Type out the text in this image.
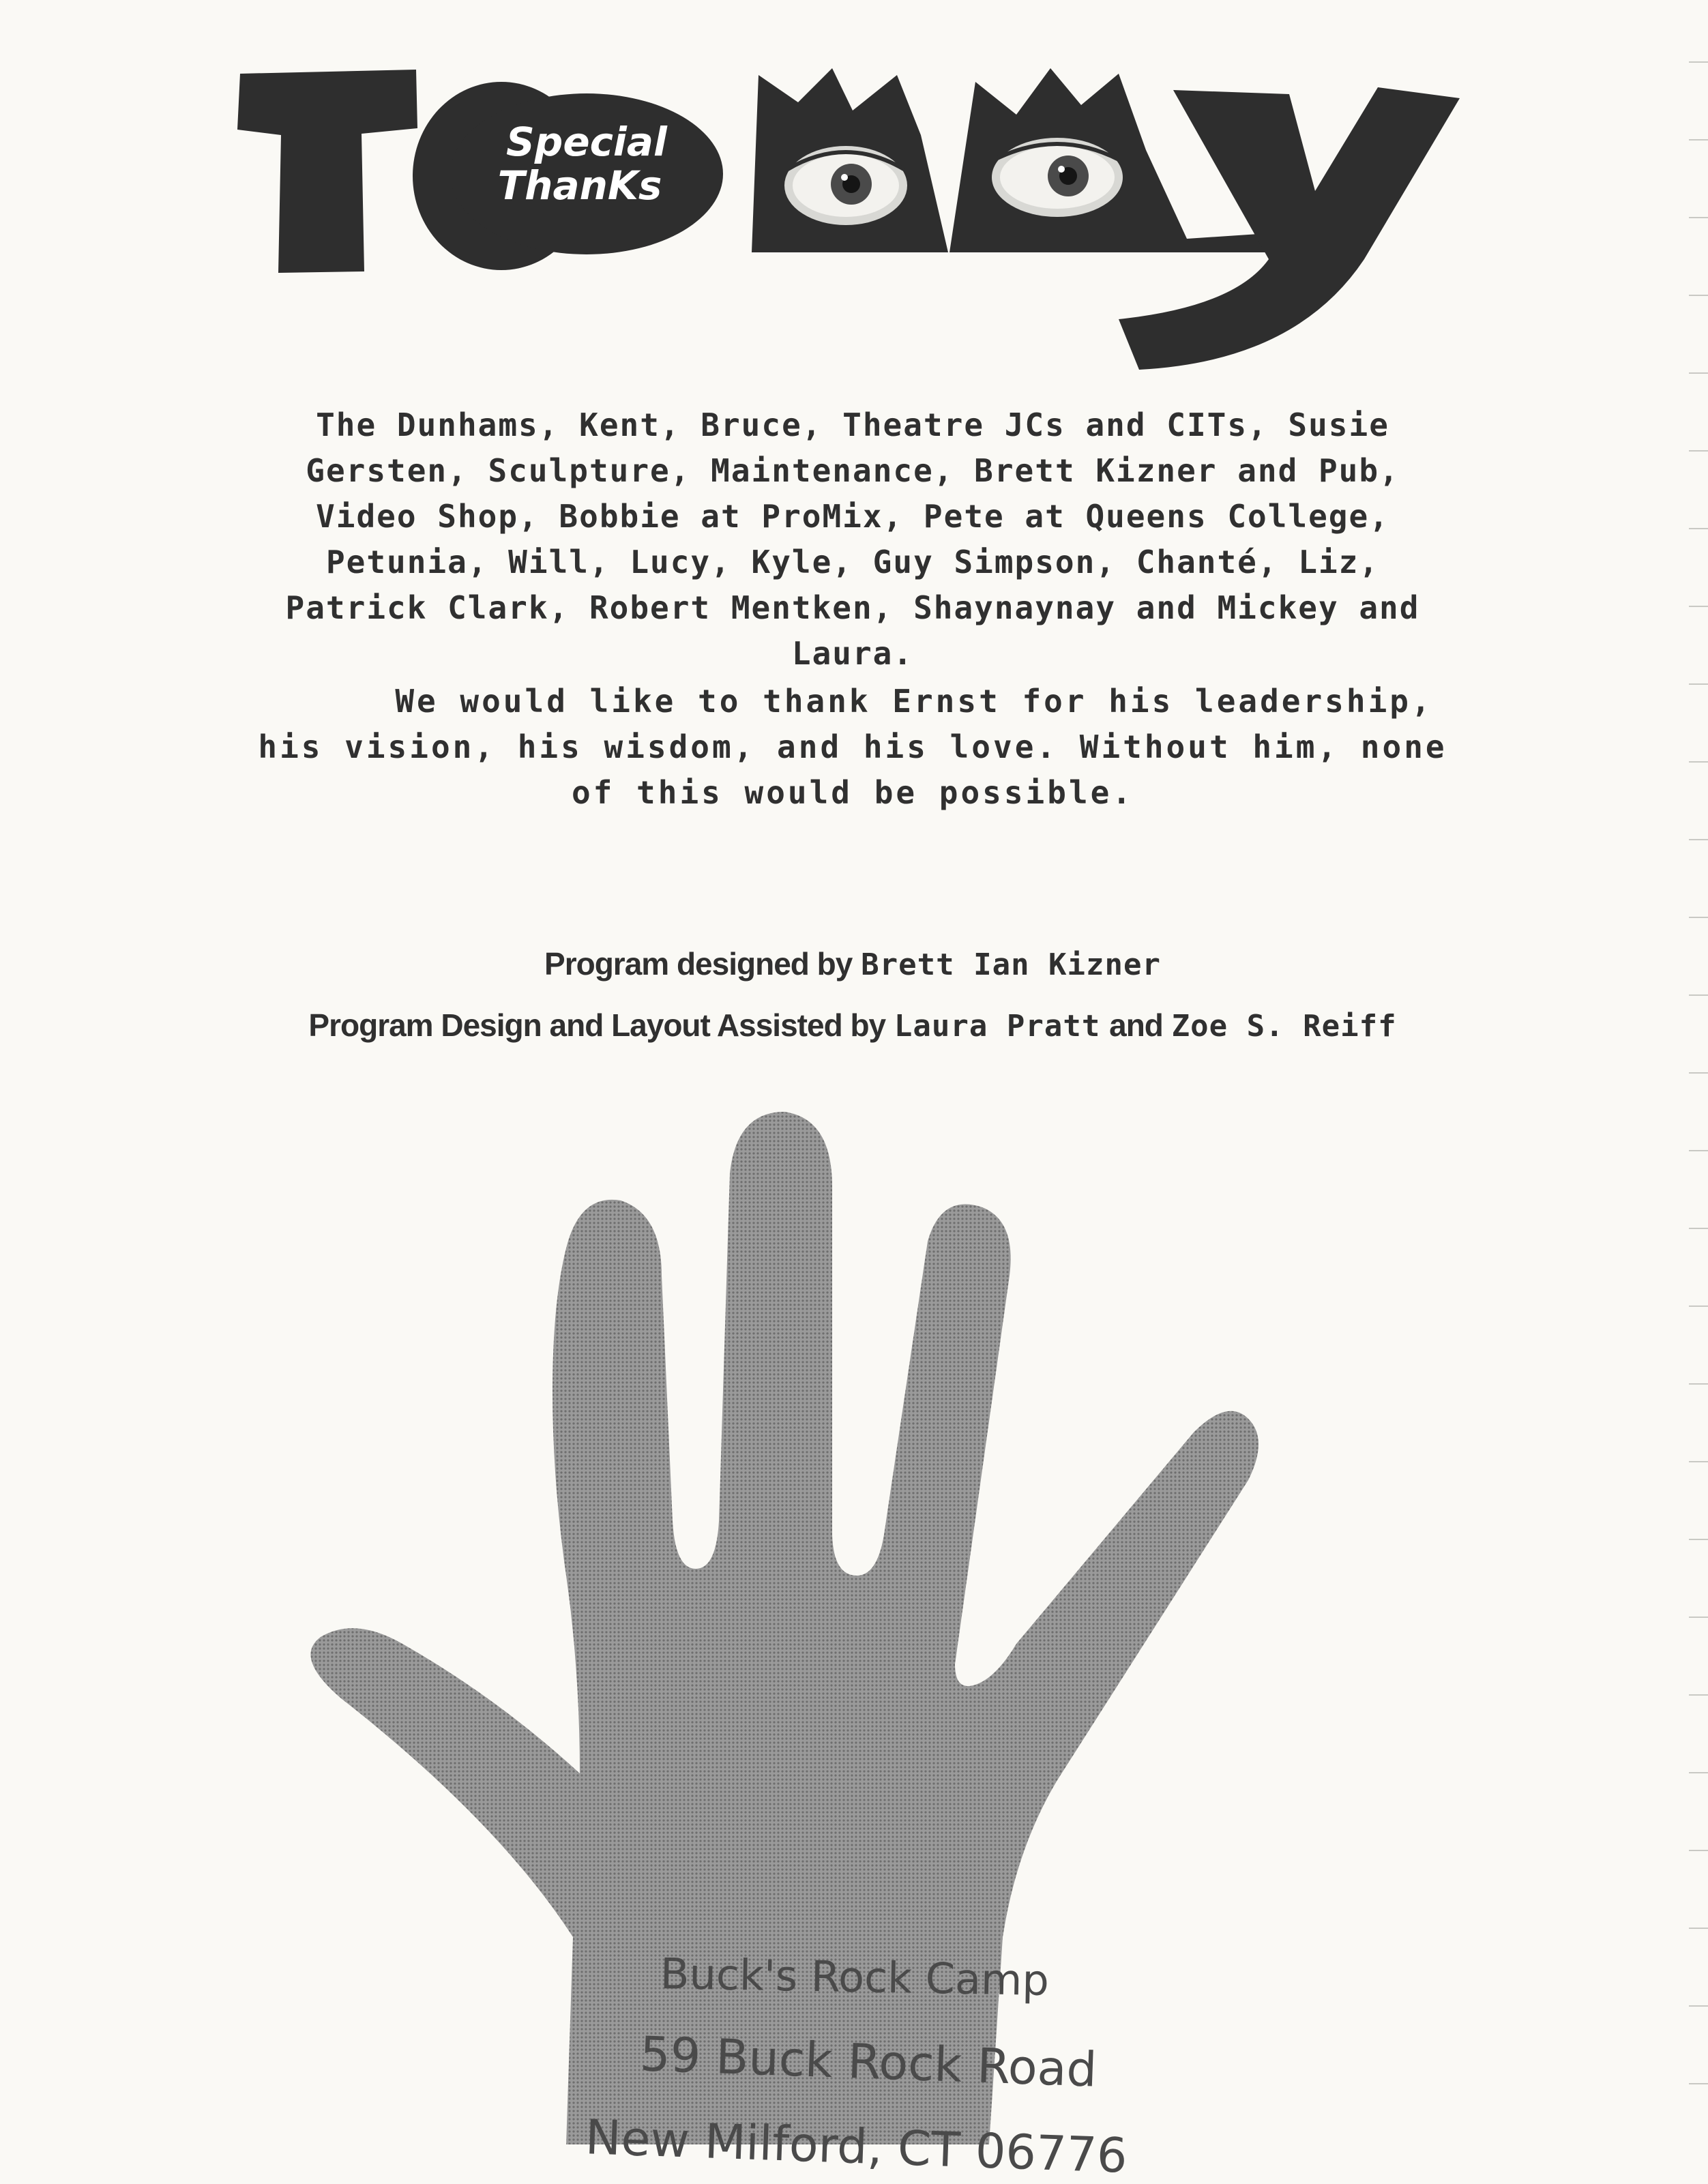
Special
ThanKs

The Dunhams, Kent, Bruce, Theatre JCs and CITs, Susie Gersten, Sculpture, Maintenance, Brett Kizner and Pub, Video Shop, Bobbie at ProMix, Pete at Queens College, Petunia, Will, Lucy, Kyle, Guy Simpson, Chanté, Liz, Patrick Clark, Robert Mentken, Shaynaynay and Mickey and Laura.

We would like to thank Ernst for his leadership, his vision, his wisdom, and his love. Without him, none of this would be possible.

Program designed by Brett Ian Kizner

Program Design and Layout Assisted by Laura Pratt and Zoe S. Reiff

Buck's Rock Camp

59 Buck Rock Road

New Milford, CT 06776
